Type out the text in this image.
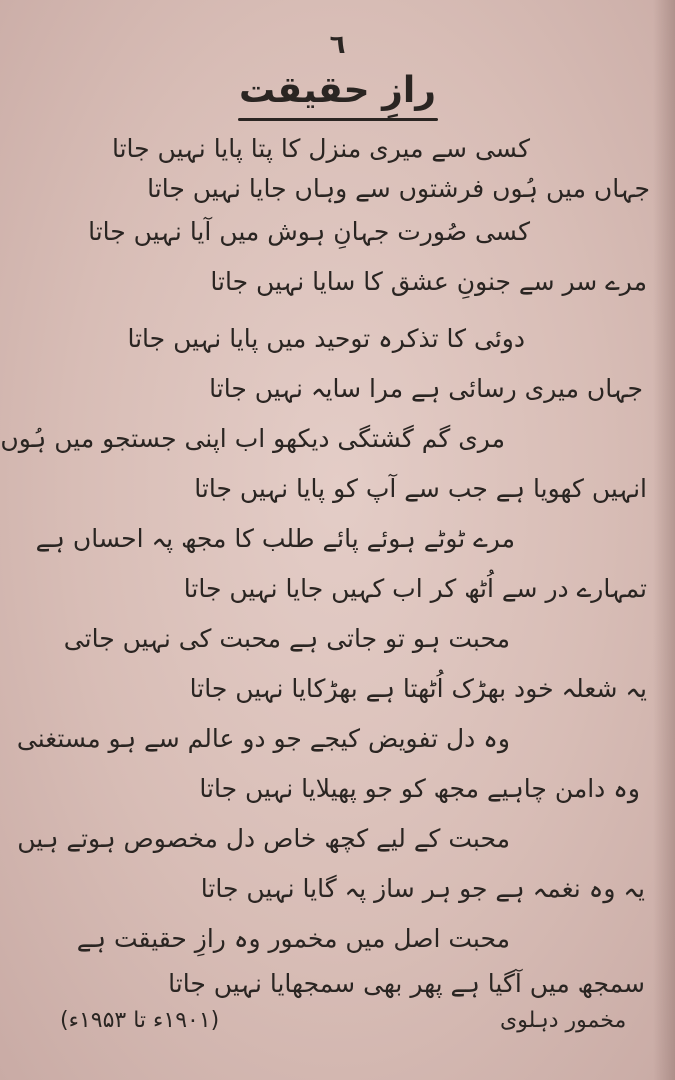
٦
رازِ حقیقت
کسی سے میری منزل کا پتا پایا نہیں جاتا
جہاں میں ہُوں فرشتوں سے وہاں جایا نہیں جاتا
کسی صُورت جہانِ ہوش میں آیا نہیں جاتا
مرے سر سے جنونِ عشق کا سایا نہیں جاتا
دوئی کا تذکرہ توحید میں پایا نہیں جاتا
جہاں میری رسائی ہے مرا سایہ نہیں جاتا
مری گم گشتگی دیکھو اب اپنی جستجو میں ہُوں
انہیں کھویا ہے جب سے آپ کو پایا نہیں جاتا
مرے ٹوٹے ہوئے پائے طلب کا مجھ پہ احساں ہے
تمہارے در سے اُٹھ کر اب کہیں جایا نہیں جاتا
محبت ہو تو جاتی ہے محبت کی نہیں جاتی
یہ شعلہ خود بھڑک اُٹھتا ہے بھڑکایا نہیں جاتا
وہ دل تفویض کیجے جو دو عالم سے ہو مستغنی
وہ دامن چاہیے مجھ کو جو پھیلایا نہیں جاتا
محبت کے لیے کچھ خاص دل مخصوص ہوتے ہیں
یہ وہ نغمہ ہے جو ہر ساز پہ گایا نہیں جاتا
محبت اصل میں مخمور وہ رازِ حقیقت ہے
سمجھ میں آگیا ہے پھر بھی سمجھایا نہیں جاتا
مخمور دہلوی
(۱۹۰۱ء تا ۱۹۵۳ء)
